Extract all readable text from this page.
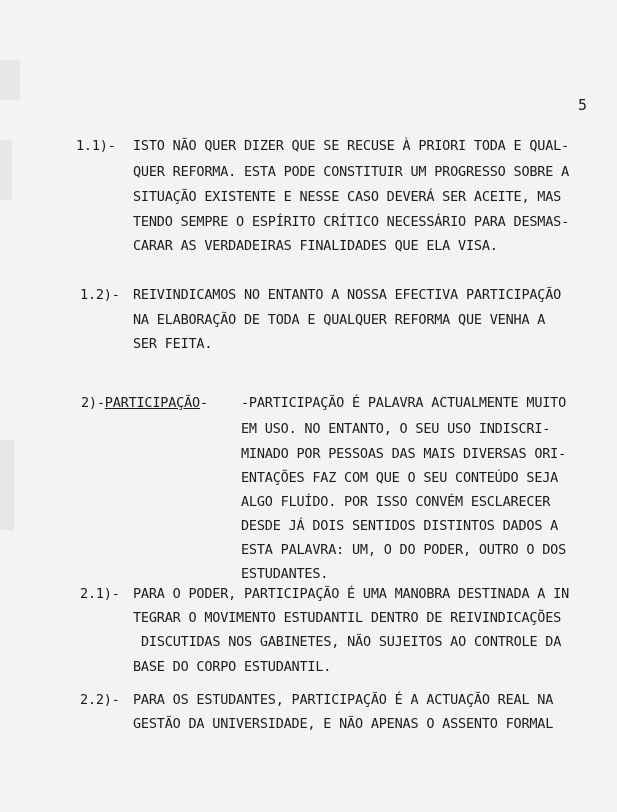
5

1.1)- ISTO NÃO QUER DIZER QUE SE RECUSE À PRIORI TODA E QUAL-

QUER REFORMA. ESTA PODE CONSTITUIR UM PROGRESSO SOBRE A

SITUAÇÃO EXISTENTE E NESSE CASO DEVERÁ SER ACEITE, MAS

TENDO SEMPRE O ESPÍRITO CRÍTICO NECESSÁRIO PARA DESMAS-

CARAR AS VERDADEIRAS FINALIDADES QUE ELA VISA.

1.2)- REIVINDICAMOS NO ENTANTO A NOSSA EFECTIVA PARTICIPAÇÃO

NA ELABORAÇÃO DE TODA E QUALQUER REFORMA QUE VENHA A

SER FEITA.

2)-PARTICIPAÇÃO- -PARTICIPAÇÃO É PALAVRA ACTUALMENTE MUITO

EM USO. NO ENTANTO, O SEU USO INDISCRI-

MINADO POR PESSOAS DAS MAIS DIVERSAS ORI-

ENTAÇÕES FAZ COM QUE O SEU CONTEÚDO SEJA

ALGO FLUÍDO. POR ISSO CONVÉM ESCLARECER

DESDE JÁ DOIS SENTIDOS DISTINTOS DADOS A

ESTA PALAVRA: UM, O DO PODER, OUTRO O DOS

ESTUDANTES.

2.1)- PARA O PODER, PARTICIPAÇÃO É UMA MANOBRA DESTINADA A IN

TEGRAR O MOVIMENTO ESTUDANTIL DENTRO DE REIVINDICAÇÕES

DISCUTIDAS NOS GABINETES, NÃO SUJEITOS AO CONTROLE DA

BASE DO CORPO ESTUDANTIL.

2.2)- PARA OS ESTUDANTES, PARTICIPAÇÃO É A ACTUAÇÃO REAL NA

GESTÃO DA UNIVERSIDADE, E NÃO APENAS O ASSENTO FORMAL
